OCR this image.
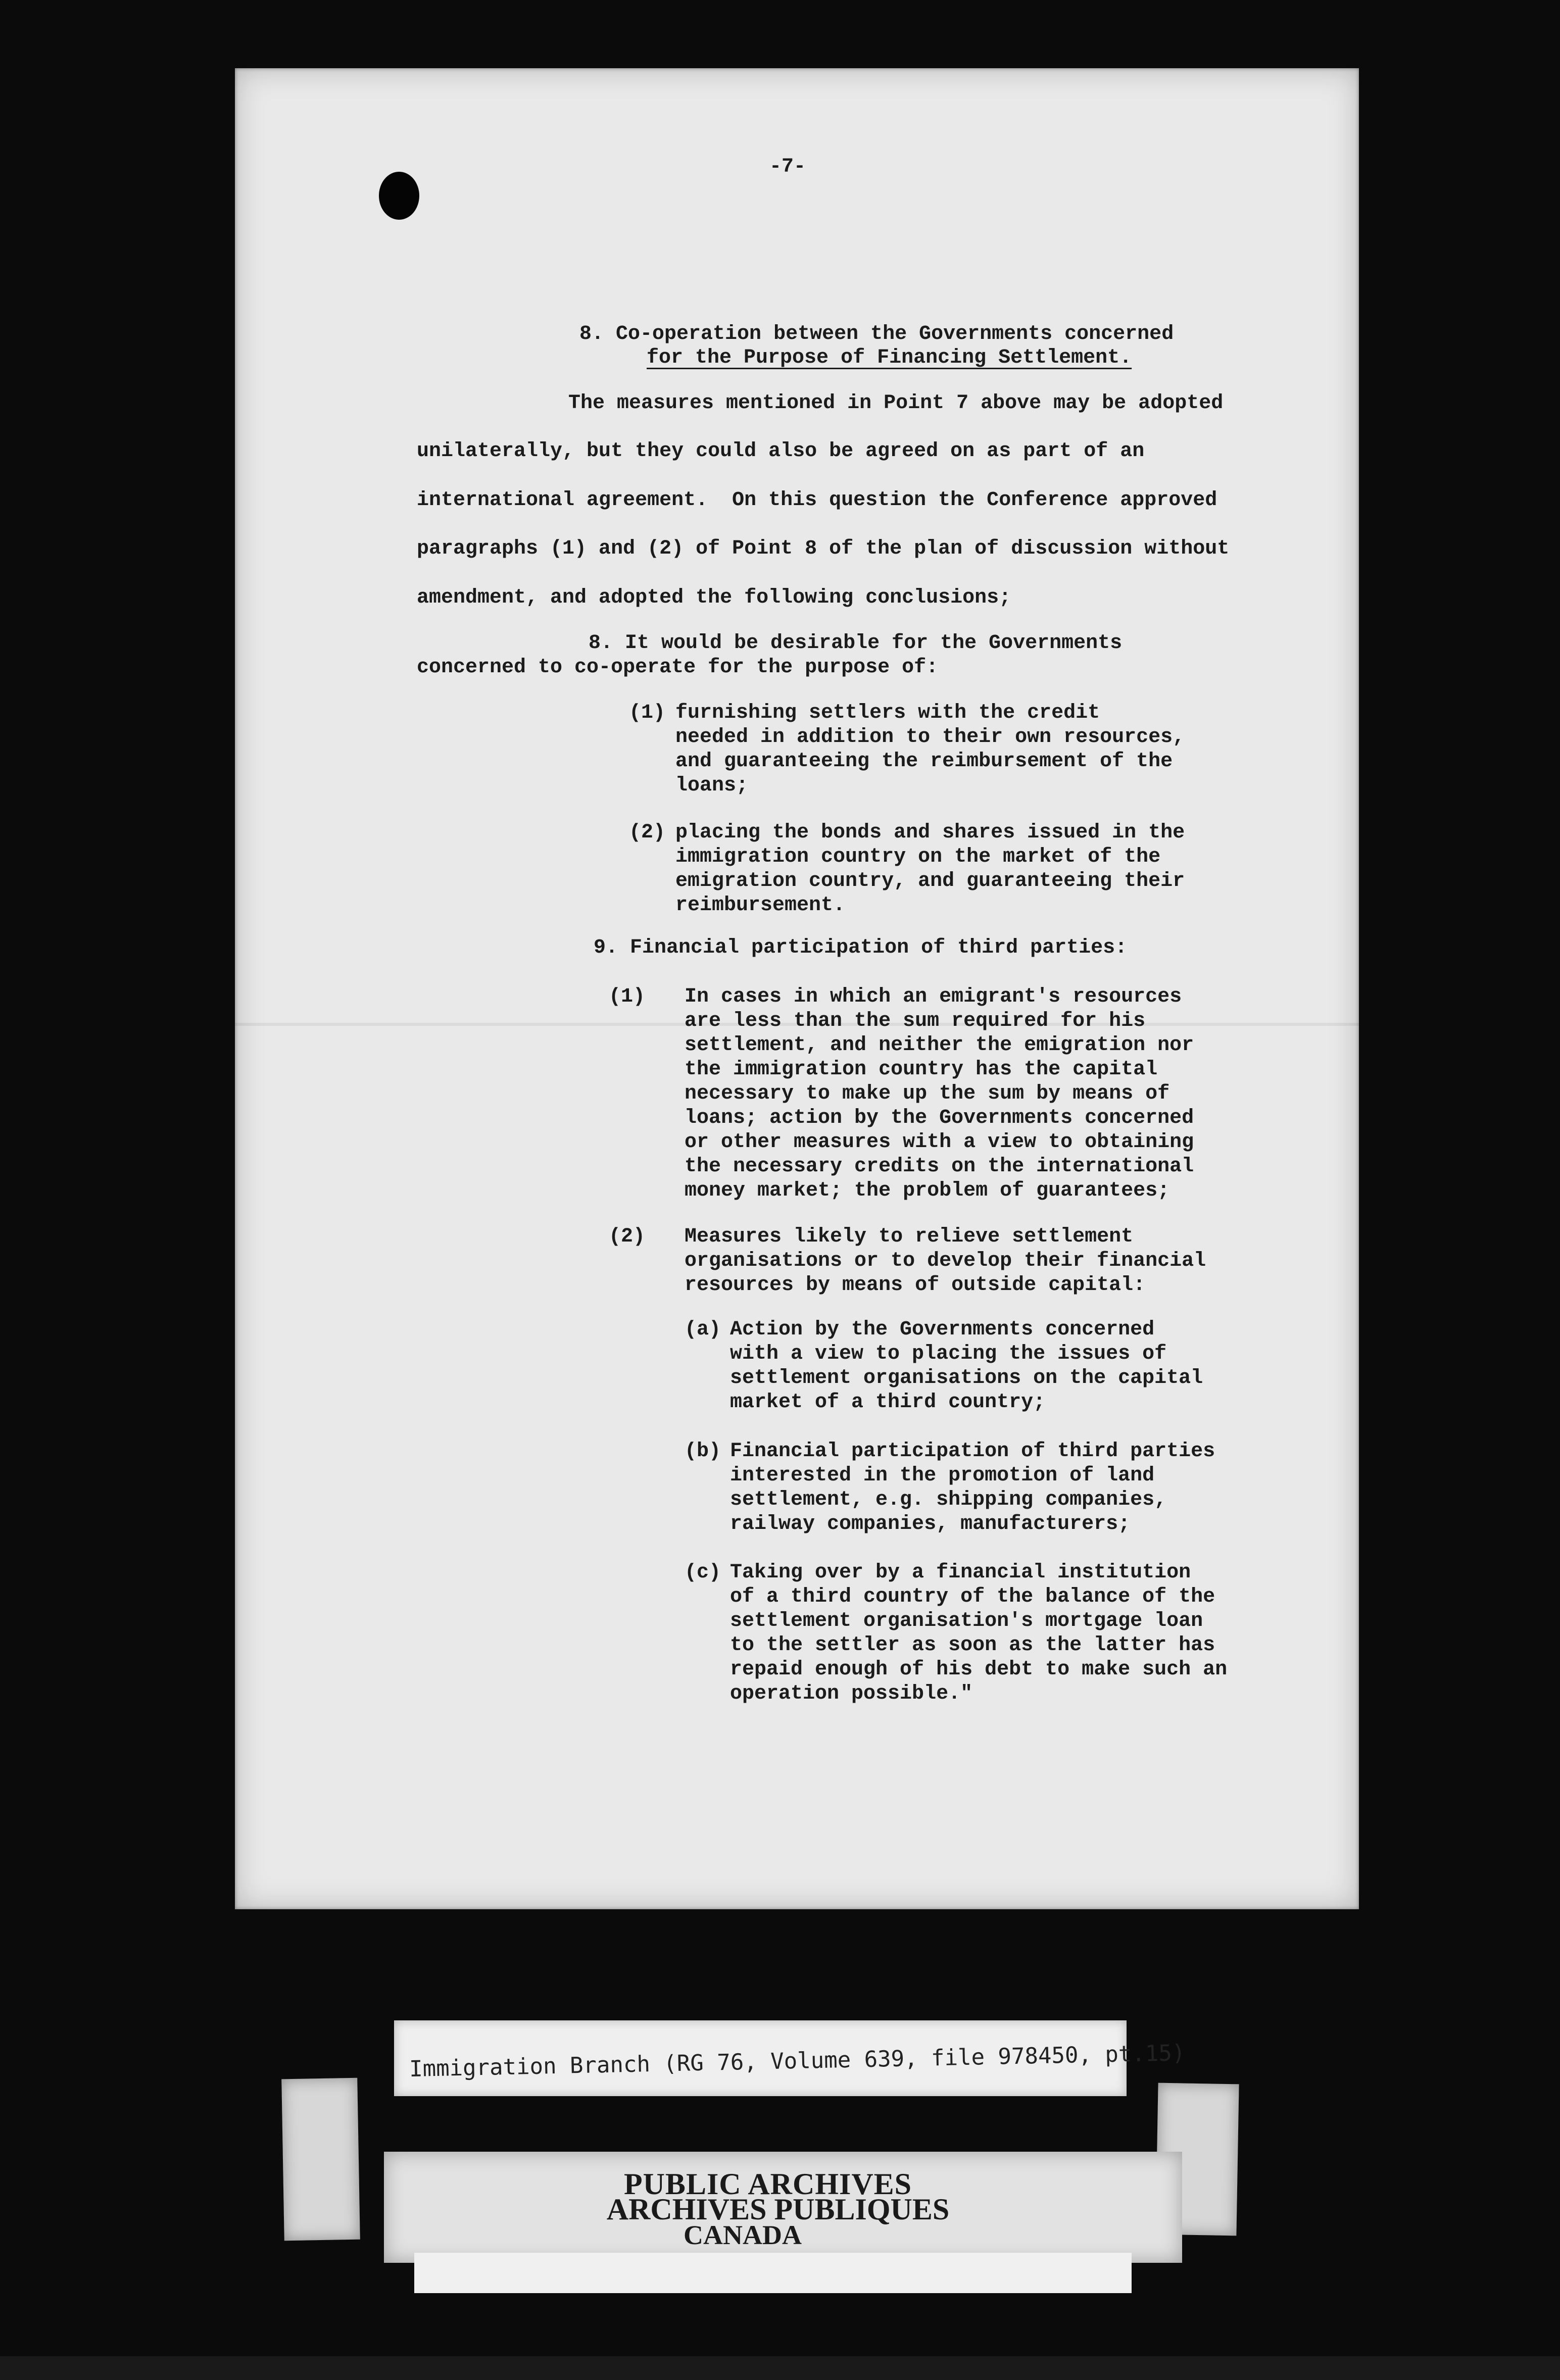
-7-

8. Co-operation between the Governments concerned

for the Purpose of Financing Settlement.

The measures mentioned in Point 7 above may be adopted

unilaterally, but they could also be agreed on as part of an

international agreement.  On this question the Conference approved

paragraphs (1) and (2) of Point 8 of the plan of discussion without

amendment, and adopted the following conclusions;

8. It would be desirable for the Governments

concerned to co-operate for the purpose of:

(1) furnishing settlers with the credit

needed in addition to their own resources,

and guaranteeing the reimbursement of the

loans;

(2) placing the bonds and shares issued in the

immigration country on the market of the

emigration country, and guaranteeing their

reimbursement.

9. Financial participation of third parties:

(1) In cases in which an emigrant's resources

are less than the sum required for his

settlement, and neither the emigration nor

the immigration country has the capital

necessary to make up the sum by means of

loans; action by the Governments concerned

or other measures with a view to obtaining

the necessary credits on the international

money market; the problem of guarantees;

(2) Measures likely to relieve settlement

organisations or to develop their financial

resources by means of outside capital:

(a) Action by the Governments concerned

with a view to placing the issues of

settlement organisations on the capital

market of a third country;

(b) Financial participation of third parties

interested in the promotion of land

settlement, e.g. shipping companies,

railway companies, manufacturers;

(c) Taking over by a financial institution

of a third country of the balance of the

settlement organisation's mortgage loan

to the settler as soon as the latter has

repaid enough of his debt to make such an

operation possible."

Immigration Branch (RG 76, Volume 639, file 978450, pt.15)

PUBLIC ARCHIVES

ARCHIVES PUBLIQUES

CANADA
